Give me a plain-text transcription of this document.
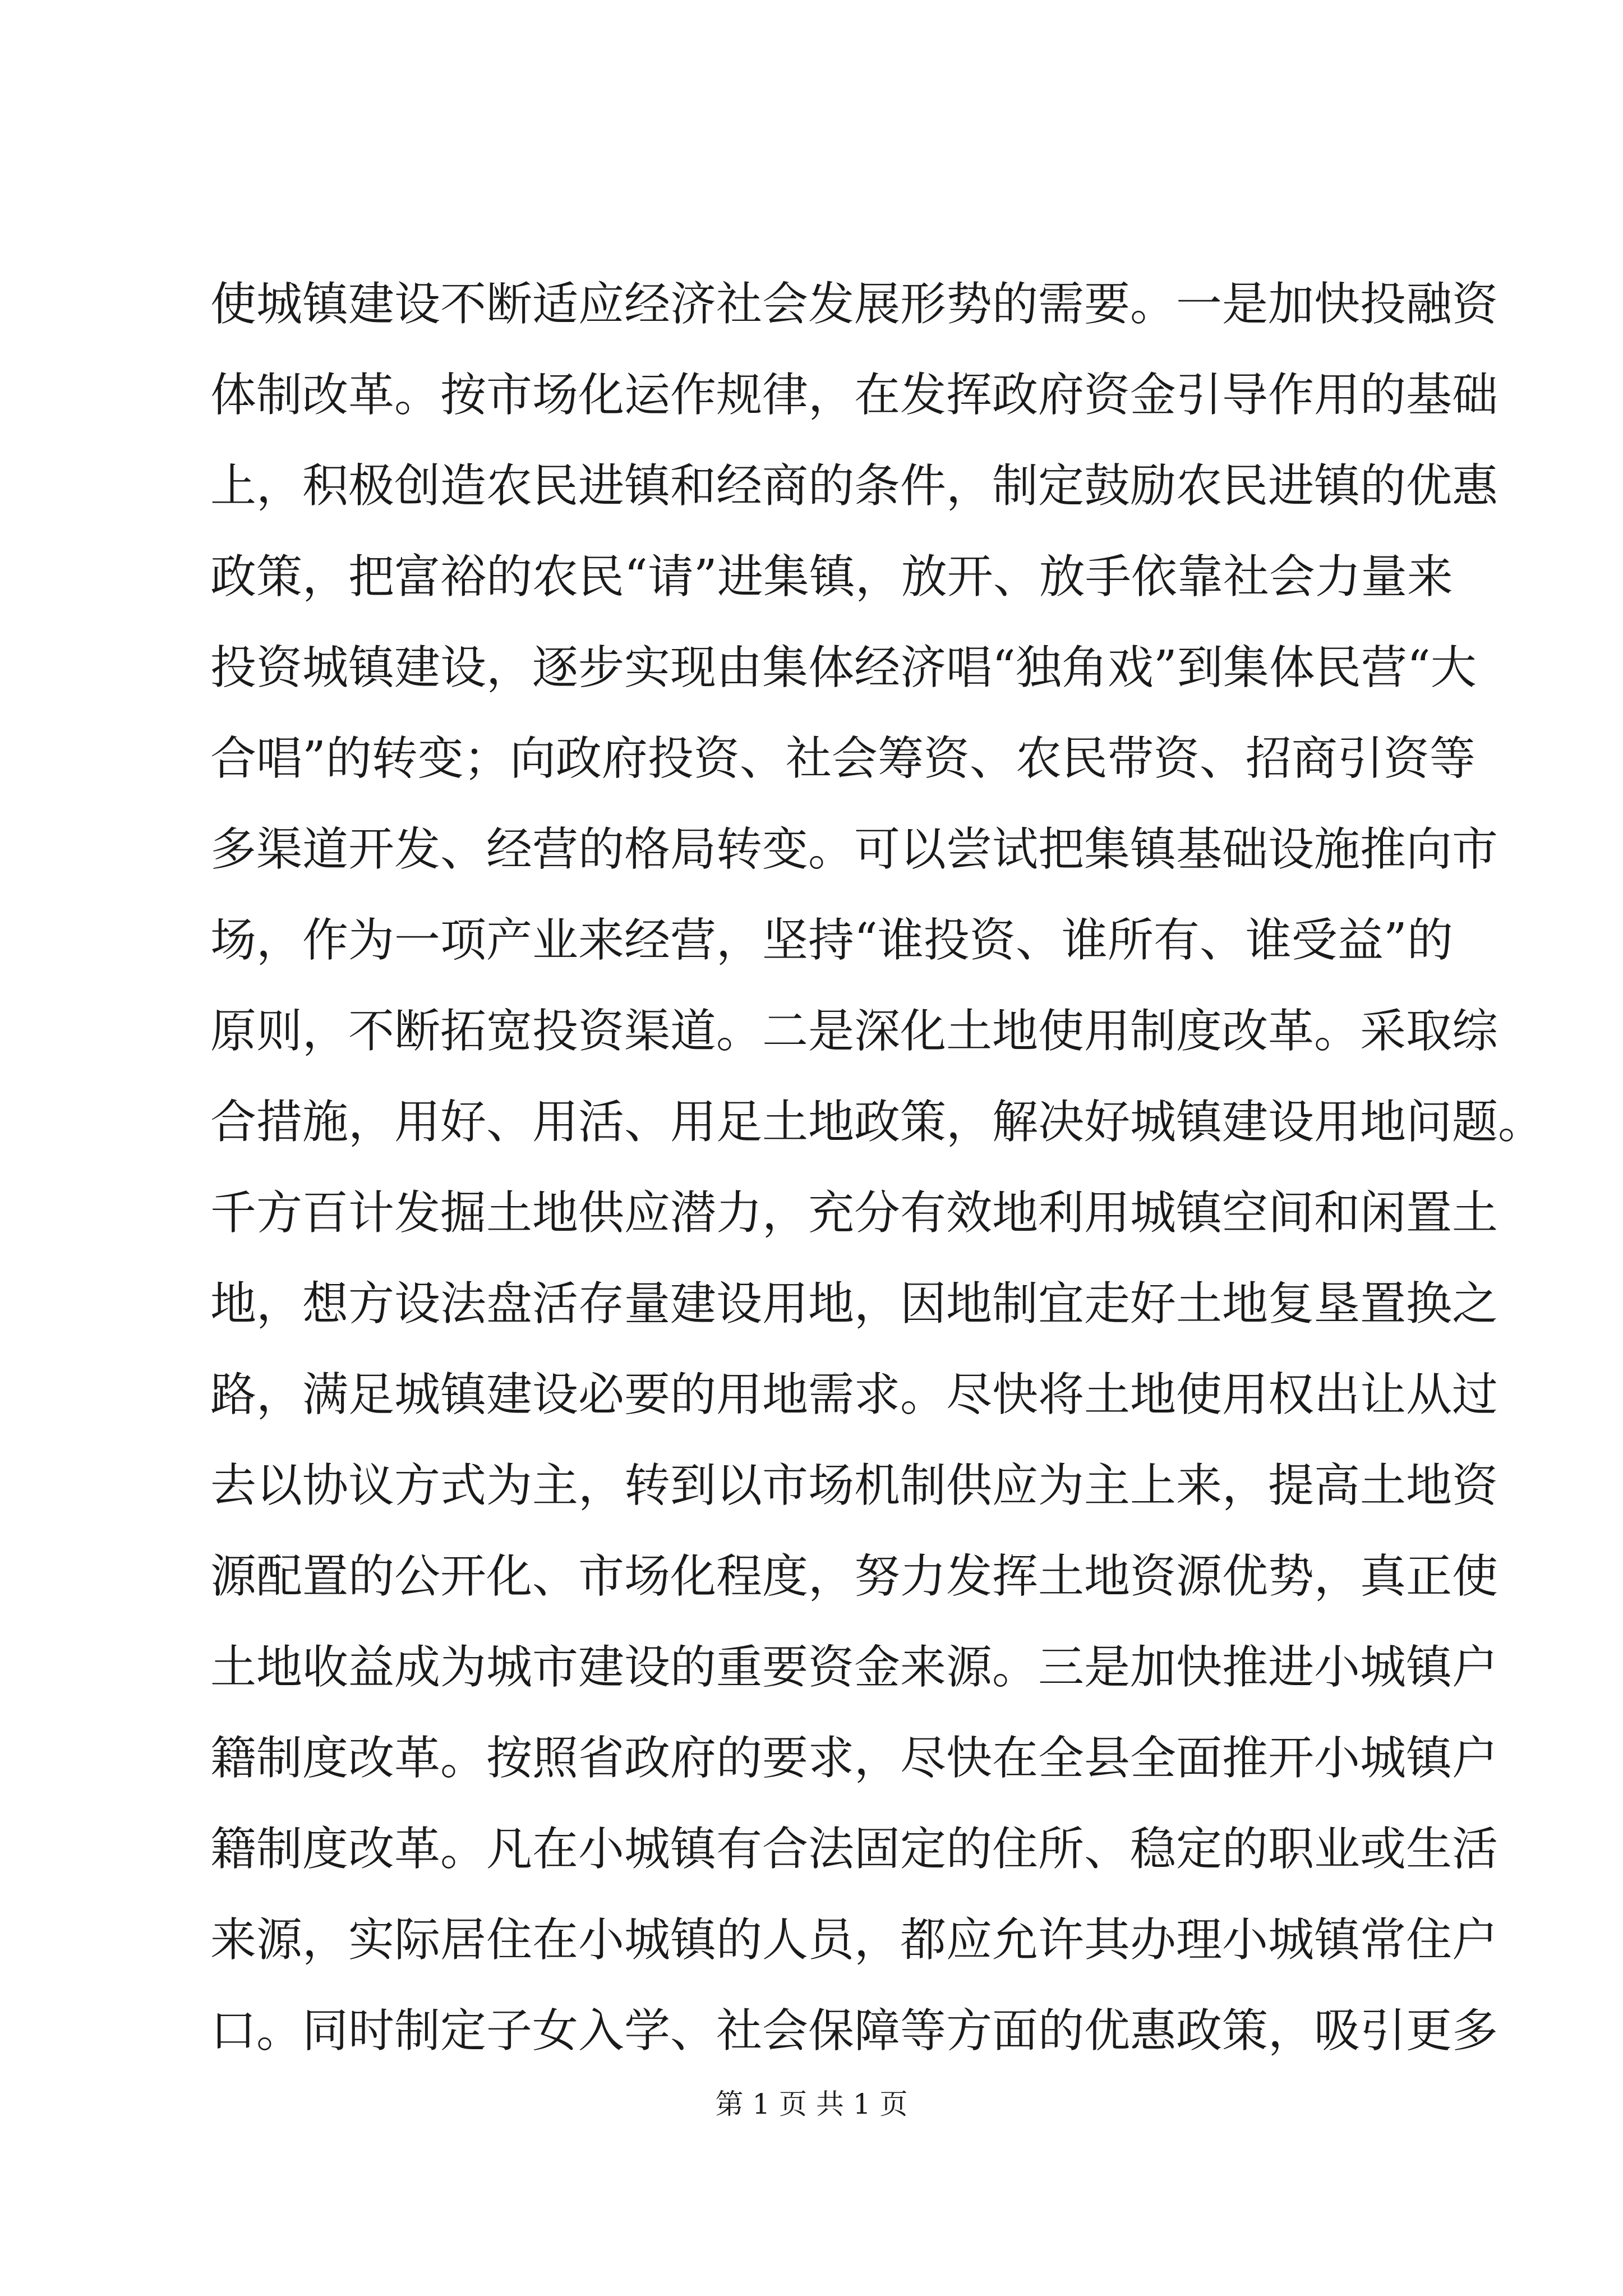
使城镇建设不断适应经济社会发展形势的需要。一是加快投融资
体制改革。按市场化运作规律，在发挥政府资金引导作用的基础
上，积极创造农民进镇和经商的条件，制定鼓励农民进镇的优惠
政策，把富裕的农民“请”进集镇，放开、放手依靠社会力量来
投资城镇建设，逐步实现由集体经济唱“独角戏”到集体民营“大
合唱”的转变；向政府投资、社会筹资、农民带资、招商引资等
多渠道开发、经营的格局转变。可以尝试把集镇基础设施推向市
场，作为一项产业来经营，坚持“谁投资、谁所有、谁受益”的
原则，不断拓宽投资渠道。二是深化土地使用制度改革。采取综
合措施，用好、用活、用足土地政策，解决好城镇建设用地问题。
千方百计发掘土地供应潜力，充分有效地利用城镇空间和闲置土
地，想方设法盘活存量建设用地，因地制宜走好土地复垦置换之
路，满足城镇建设必要的用地需求。尽快将土地使用权出让从过
去以协议方式为主，转到以市场机制供应为主上来，提高土地资
源配置的公开化、市场化程度，努力发挥土地资源优势，真正使
土地收益成为城市建设的重要资金来源。三是加快推进小城镇户
籍制度改革。按照省政府的要求，尽快在全县全面推开小城镇户
籍制度改革。凡在小城镇有合法固定的住所、稳定的职业或生活
来源，实际居住在小城镇的人员，都应允许其办理小城镇常住户
口。同时制定子女入学、社会保障等方面的优惠政策，吸引更多
第 1 页 共 1 页
